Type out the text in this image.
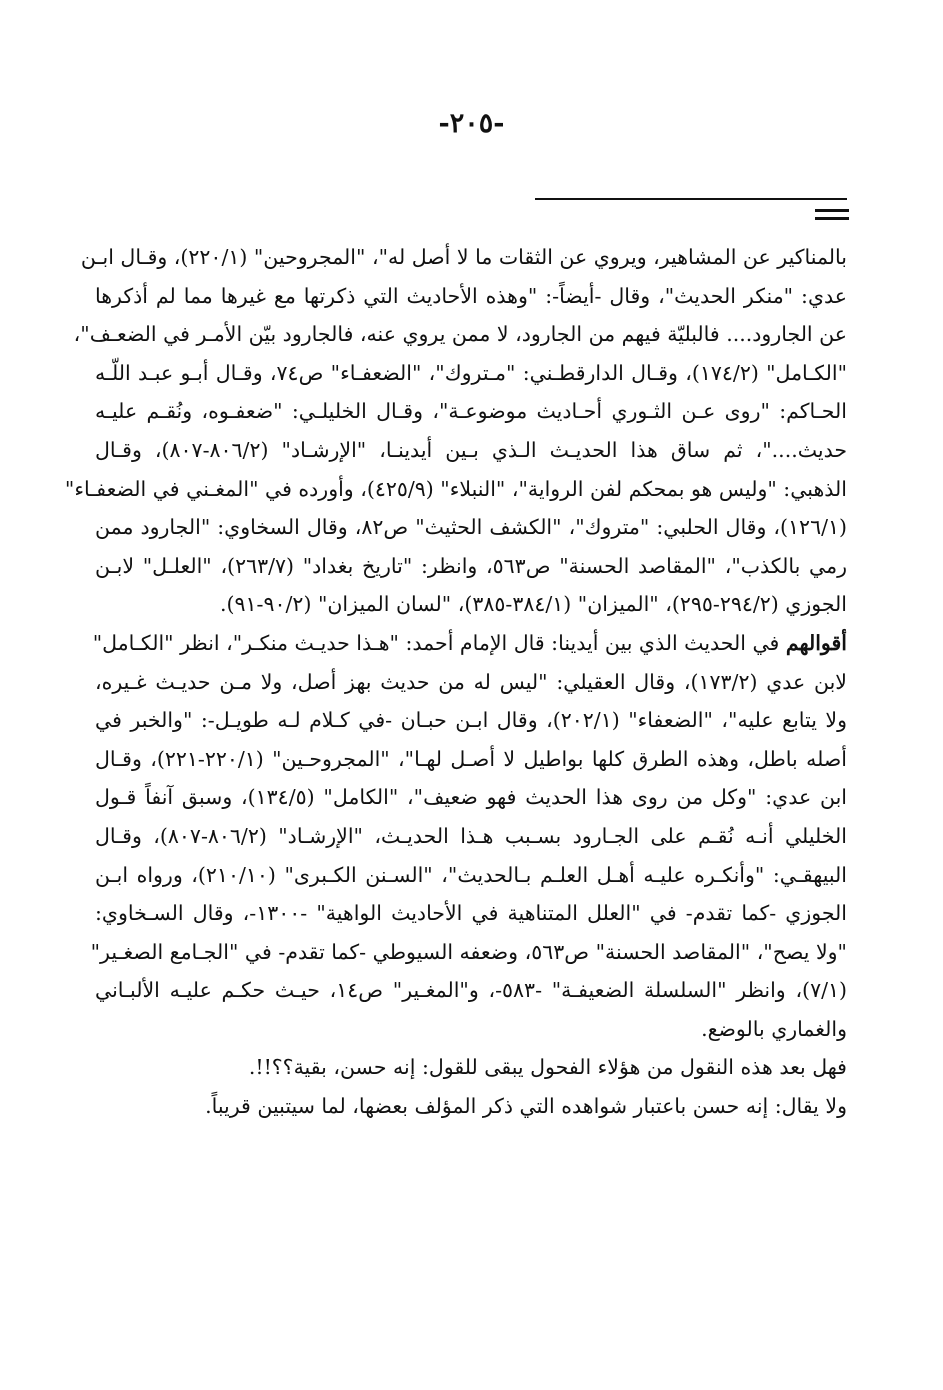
-٢٠٥-
بالمناكير عن المشاهير، ويروي عن الثقات ما لا أصل له"، "المجروحين" (٢٢٠/١)، وقـال ابـن
عدي: "منكر الحديث"، وقال -أيضاً-: "وهذه الأحاديث التي ذكرتها مع غيرها مما لم أذكرها
عن الجارود.... فالبليّة فيهم من الجارود، لا ممن يروي عنه، فالجارود بيّن الأمـر في الضعـف"،
"الكـامل" (١٧٤/٢)، وقـال الدارقطـني: "مـتروك"، "الضعفـاء" ص٧٤، وقـال أبـو عبـد اللّـه
الحـاكم: "روى عـن الثـوري أحـاديث موضوعـة"، وقـال الخليلـي: "ضعفـوه، ونُقـم عليـه
حديث...."، ثم ساق هذا الحديـث الـذي بـين أيدينـا، "الإرشـاد" (٨٠٦/٢-٨٠٧)، وقـال
الذهبي: "وليس هو بمحكم لفن الرواية"، "النبلاء" (٤٢٥/٩)، وأورده في "المغـني في الضعفـاء"
(١٢٦/١)، وقال الحلبي: "متروك"، "الكشف الحثيث" ص٨٢، وقال السخاوي: "الجارود ممن
رمي بالكذب"، "المقاصد الحسنة" ص٥٦٣، وانظر: "تاريخ بغداد" (٢٦٣/٧)، "العلـل" لابـن
الجوزي (٢٩٤/٢-٢٩٥)، "الميزان" (٣٨٤/١-٣٨٥)، "لسان الميزان" (٩٠/٢-٩١).
أقوالهم في الحديث الذي بين أيدينا: قال الإمام أحمد: "هـذا حديـث منكـر"، انظر "الكـامل"
لابن عدي (١٧٣/٢)، وقال العقيلي: "ليس له من حديث بهز أصل، ولا مـن حديـث غـيره،
ولا يتابع عليه"، "الضعفاء" (٢٠٢/١)، وقال ابـن حبـان -في كـلام لـه طويـل-: "والخبر في
أصله باطل، وهذه الطرق كلها بواطيل لا أصـل لهـا"، "المجروحـين" (٢٢٠/١-٢٢١)، وقـال
ابن عدي: "وكل من روى هذا الحديث فهو ضعيف"، "الكامل" (١٣٤/٥)، وسبق آنفاً قـول
الخليلي أنـه نُقـم على الجـارود بسـبب هـذا الحديـث، "الإرشـاد" (٨٠٦/٢-٨٠٧)، وقـال
البيهقـي: "وأنكـره عليـه أهـل العلـم بـالحديث"، "السـنن الكـبرى" (٢١٠/١٠)، ورواه ابـن
الجوزي -كما تقدم- في "العلل المتناهية في الأحاديث الواهية" -١٣٠٠-، وقال السـخاوي:
"ولا يصح"، "المقاصد الحسنة" ص٥٦٣، وضعفه السيوطي -كما تقدم- في "الجـامع الصغـير"
(٧/١)، وانظر "السلسلة الضعيفـة" -٥٨٣-، و"المغـير" ص١٤، حيـث حكـم عليـه الألبـاني
والغماري بالوضع.
فهل بعد هذه النقول من هؤلاء الفحول يبقى للقول: إنه حسن، بقية؟؟!!.
ولا يقال: إنه حسن باعتبار شواهده التي ذكر المؤلف بعضها، لما سيتبين قريباً.
